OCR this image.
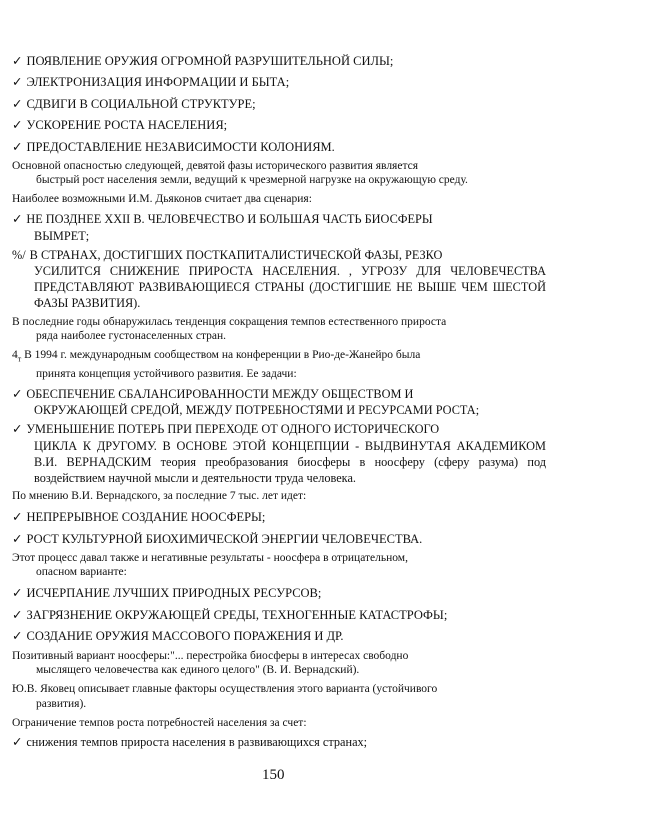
✓ ПОЯВЛЕНИЕ ОРУЖИЯ ОГРОМНОЙ РАЗРУШИТЕЛЬНОЙ СИЛЫ;

✓ ЭЛЕКТРОНИЗАЦИЯ ИНФОРМАЦИИ И БЫТА;

✓ СДВИГИ В СОЦИАЛЬНОЙ СТРУКТУРЕ;

✓ УСКОРЕНИЕ РОСТА НАСЕЛЕНИЯ;

✓ ПРЕДОСТАВЛЕНИЕ НЕЗАВИСИМОСТИ КОЛОНИЯМ.

Основной опасностью следующей, девятой фазы исторического развития является
быстрый рост населения земли, ведущий к чрезмерной нагрузке на окружающую среду.

Наиболее возможными И.М. Дьяконов считает два сценария:

✓ НЕ ПОЗДНЕЕ XXII В. ЧЕЛОВЕЧЕСТВО И БОЛЬШАЯ ЧАСТЬ БИОСФЕРЫ
ВЫМРЕТ;

%/ В СТРАНАХ, ДОСТИГШИХ ПОСТКАПИТАЛИСТИЧЕСКОЙ ФАЗЫ, РЕЗКО
УСИЛИТСЯ СНИЖЕНИЕ ПРИРОСТА НАСЕЛЕНИЯ. , УГРОЗУ ДЛЯ ЧЕЛОВЕЧЕСТВА ПРЕДСТАВЛЯЮТ РАЗВИВАЮЩИЕСЯ СТРАНЫ (ДОСТИГШИЕ НЕ ВЫШЕ ЧЕМ ШЕСТОЙ ФАЗЫ РАЗВИТИЯ).

В последние годы обнаружилась тенденция сокращения темпов естественного прироста
ряда наиболее густонаселенных стран.

$4_т$ В 1994 г. международным сообществом на конференции в Рио-де-Жанейро была
принята концепция устойчивого развития. Ее задачи:

✓ ОБЕСПЕЧЕНИЕ СБАЛАНСИРОВАННОСТИ МЕЖДУ ОБЩЕСТВОМ И
ОКРУЖАЮЩЕЙ СРЕДОЙ, МЕЖДУ ПОТРЕБНОСТЯМИ И РЕСУРСАМИ РОСТА;

✓ УМЕНЬШЕНИЕ ПОТЕРЬ ПРИ ПЕРЕХОДЕ ОТ ОДНОГО ИСТОРИЧЕСКОГО
ЦИКЛА К ДРУГОМУ. В ОСНОВЕ ЭТОЙ КОНЦЕПЦИИ - ВЫДВИНУТАЯ АКАДЕМИКОМ В.И. ВЕРНАДСКИМ теория преобразования биосферы в ноосферу (сферу разума) под воздействием научной мысли и деятельности труда человека.

По мнению В.И. Вернадского, за последние 7 тыс. лет идет:

✓ НЕПРЕРЫВНОЕ СОЗДАНИЕ НООСФЕРЫ;

✓ РОСТ КУЛЬТУРНОЙ БИОХИМИЧЕСКОЙ ЭНЕРГИИ ЧЕЛОВЕЧЕСТВА.

Этот процесс давал также и негативные результаты - ноосфера в отрицательном,
опасном варианте:

✓ ИСЧЕРПАНИЕ ЛУЧШИХ ПРИРОДНЫХ РЕСУРСОВ;

✓ ЗАГРЯЗНЕНИЕ ОКРУЖАЮЩЕЙ СРЕДЫ, ТЕХНОГЕННЫЕ КАТАСТРОФЫ;

✓ СОЗДАНИЕ ОРУЖИЯ МАССОВОГО ПОРАЖЕНИЯ И ДР.

Позитивный вариант ноосферы:"... перестройка биосферы в интересах свободно
мыслящего человечества как единого целого" (В. И. Вернадский).

Ю.В. Яковец описывает главные факторы осуществления этого варианта (устойчивого
развития).

Ограничение темпов роста потребностей населения за счет:

✓ снижения темпов прироста населения в развивающихся странах;

150
